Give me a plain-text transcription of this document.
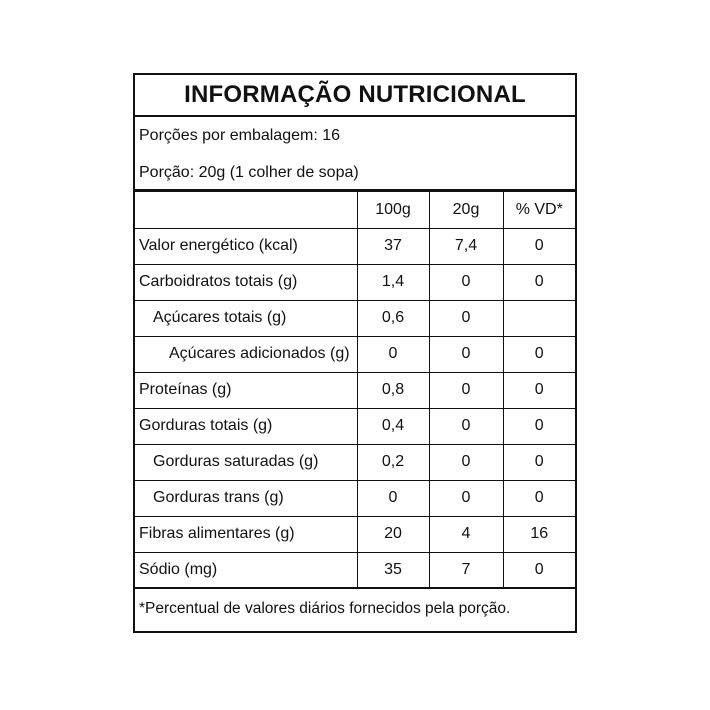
INFORMAÇÃO NUTRICIONAL
Porções por embalagem: 16
Porção: 20g (1 colher de sopa)
	100g	20g	% VD*
Valor energético (kcal)	37	7,4	0
Carboidratos totais (g)	1,4	0	0
Açúcares totais (g)	0,6	0	
Açúcares adicionados (g)	0	0	0
Proteínas (g)	0,8	0	0
Gorduras totais (g)	0,4	0	0
Gorduras saturadas (g)	0,2	0	0
Gorduras trans (g)	0	0	0
Fibras alimentares (g)	20	4	16
Sódio (mg)	35	7	0
*Percentual de valores diários fornecidos pela porção.
